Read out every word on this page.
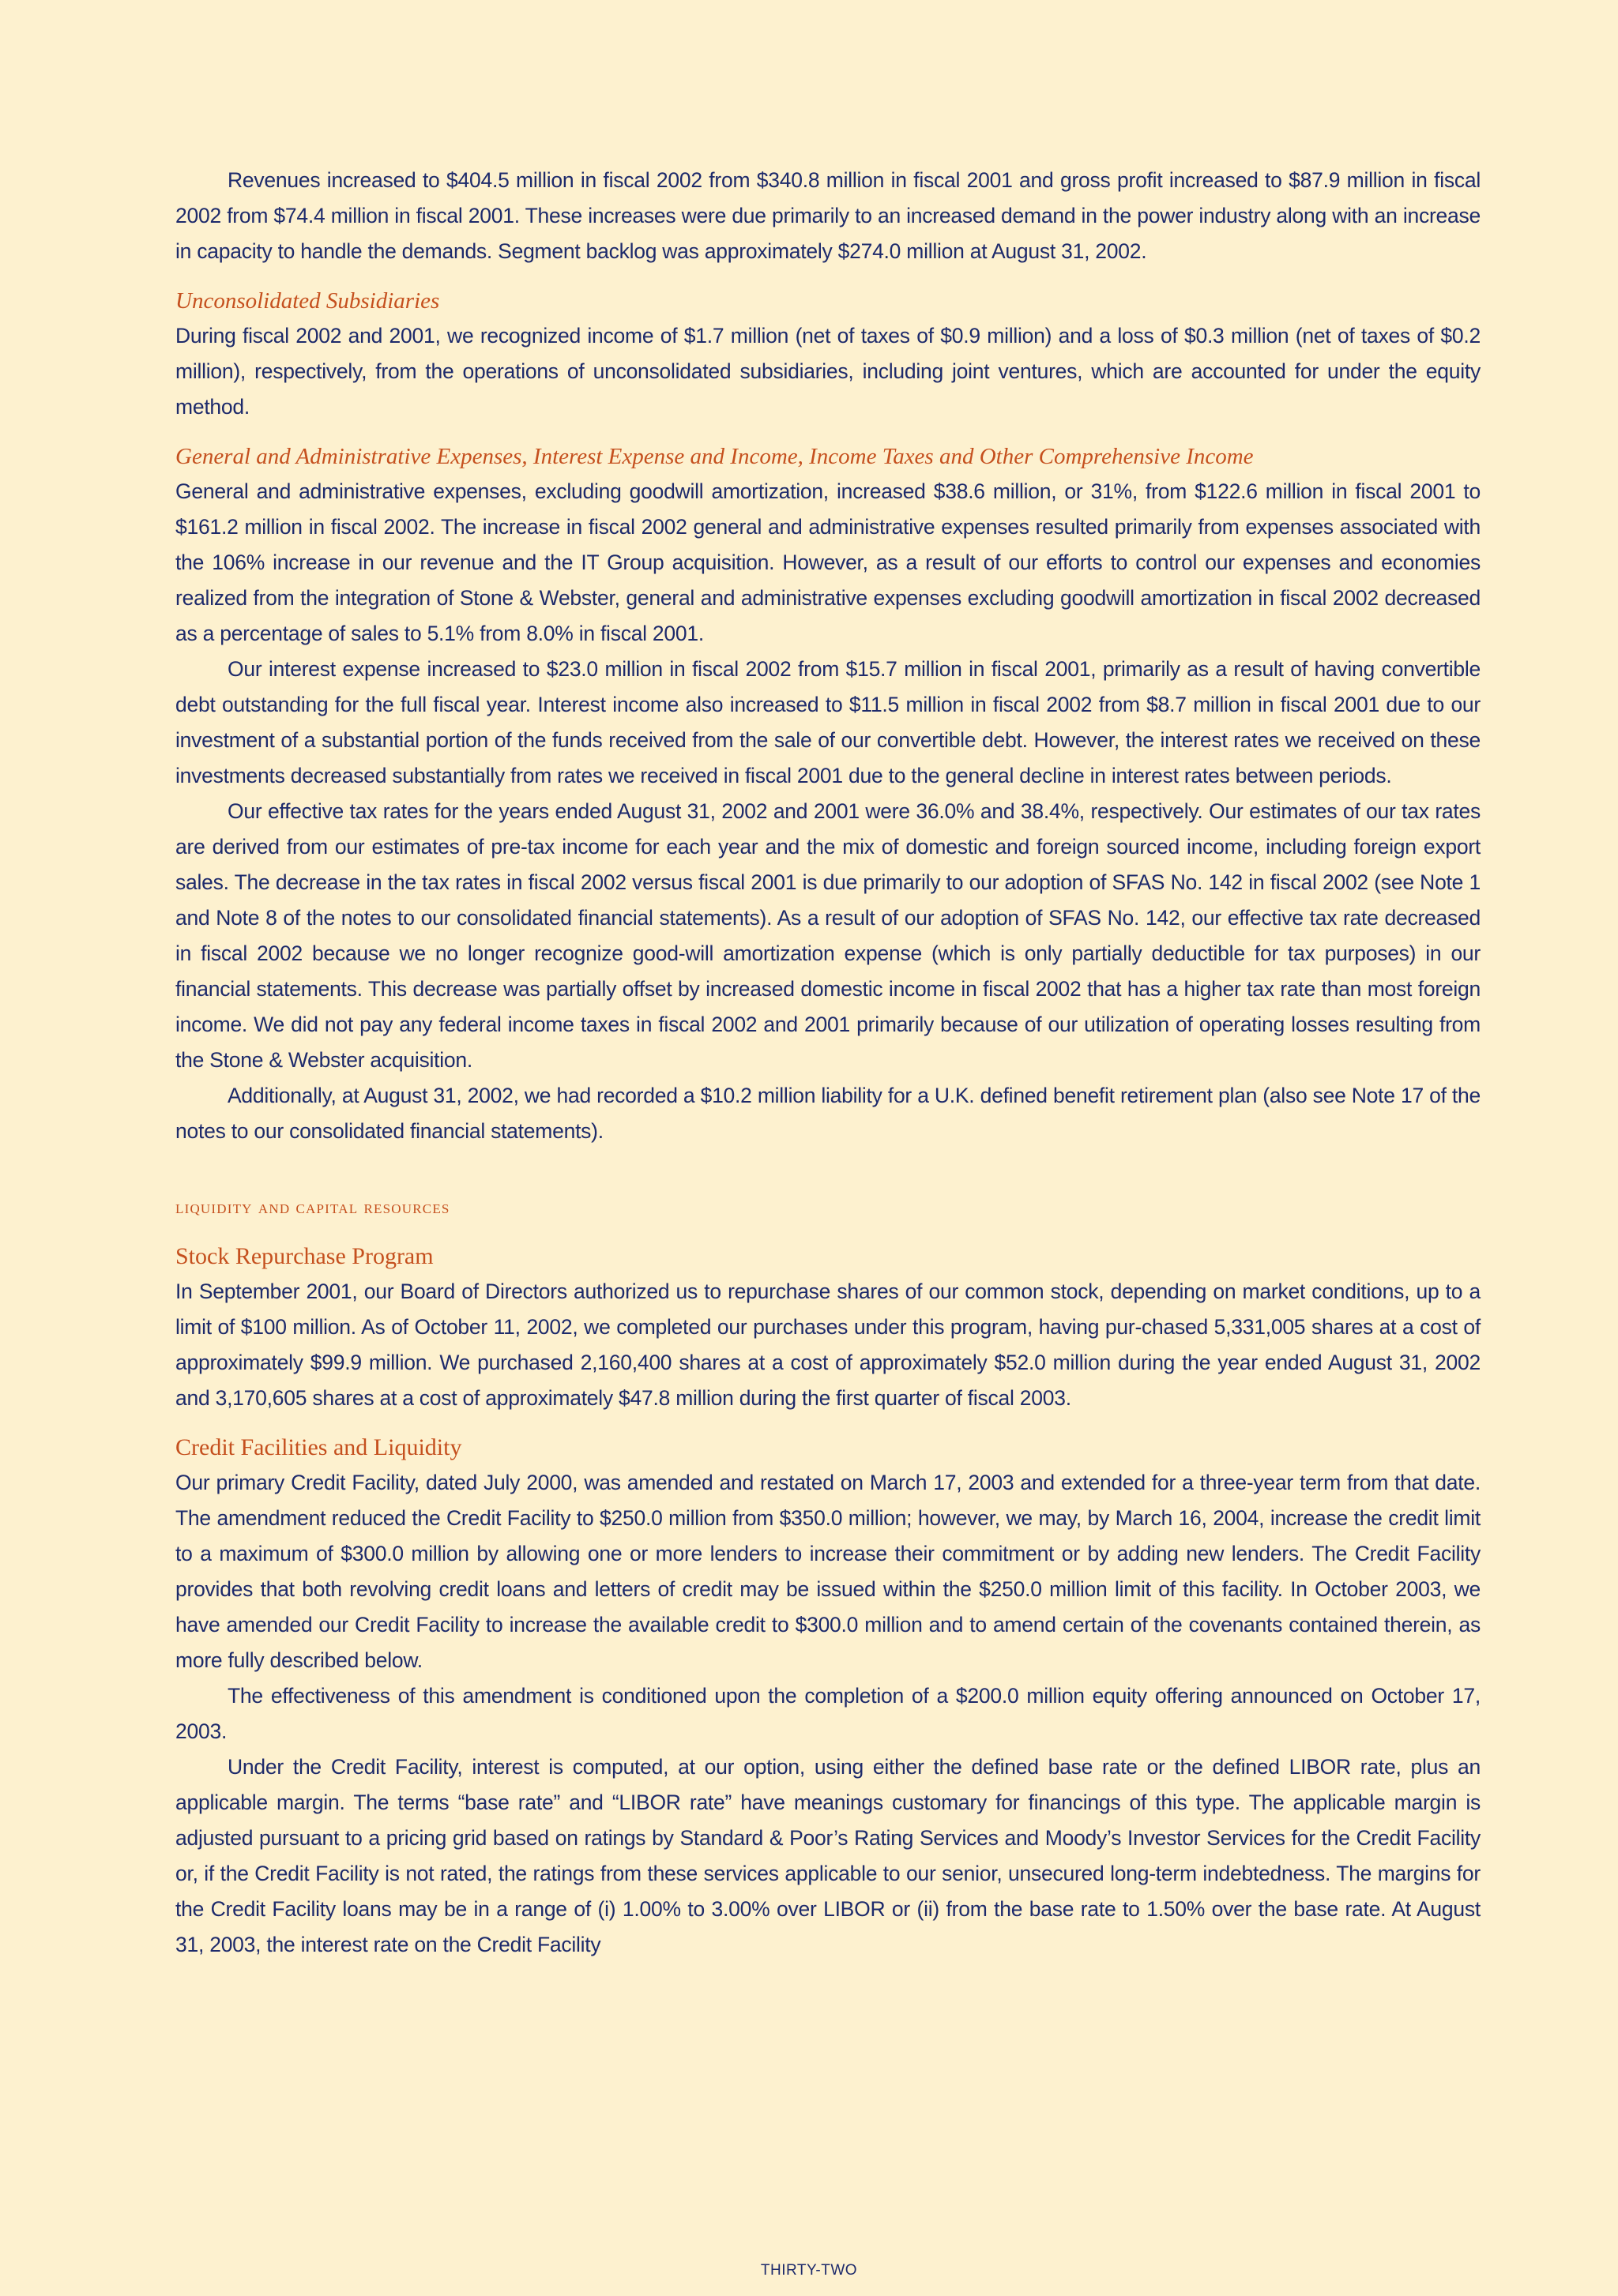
Revenues increased to $404.5 million in fiscal 2002 from $340.8 million in fiscal 2001 and gross profit increased to $87.9 million in fiscal 2002 from $74.4 million in fiscal 2001. These increases were due primarily to an increased demand in the power industry along with an increase in capacity to handle the demands. Segment backlog was approximately $274.0 million at August 31, 2002.

Unconsolidated Subsidiaries

During fiscal 2002 and 2001, we recognized income of $1.7 million (net of taxes of $0.9 million) and a loss of $0.3 million (net of taxes of $0.2 million), respectively, from the operations of unconsolidated subsidiaries, including joint ventures, which are accounted for under the equity method.

General and Administrative Expenses, Interest Expense and Income, Income Taxes and Other Comprehensive Income

General and administrative expenses, excluding goodwill amortization, increased $38.6 million, or 31%, from $122.6 million in fiscal 2001 to $161.2 million in fiscal 2002. The increase in fiscal 2002 general and administrative expenses resulted primarily from expenses associated with the 106% increase in our revenue and the IT Group acquisition. However, as a result of our efforts to control our expenses and economies realized from the integration of Stone & Webster, general and administrative expenses excluding goodwill amortization in fiscal 2002 decreased as a percentage of sales to 5.1% from 8.0% in fiscal 2001.

Our interest expense increased to $23.0 million in fiscal 2002 from $15.7 million in fiscal 2001, primarily as a result of having convertible debt outstanding for the full fiscal year. Interest income also increased to $11.5 million in fiscal 2002 from $8.7 million in fiscal 2001 due to our investment of a substantial portion of the funds received from the sale of our convertible debt. However, the interest rates we received on these investments decreased substantially from rates we received in fiscal 2001 due to the general decline in interest rates between periods.

Our effective tax rates for the years ended August 31, 2002 and 2001 were 36.0% and 38.4%, respectively. Our estimates of our tax rates are derived from our estimates of pre-tax income for each year and the mix of domestic and foreign sourced income, including foreign export sales. The decrease in the tax rates in fiscal 2002 versus fiscal 2001 is due primarily to our adoption of SFAS No. 142 in fiscal 2002 (see Note 1 and Note 8 of the notes to our consolidated financial statements). As a result of our adoption of SFAS No. 142, our effective tax rate decreased in fiscal 2002 because we no longer recognize good-will amortization expense (which is only partially deductible for tax purposes) in our financial statements. This decrease was partially offset by increased domestic income in fiscal 2002 that has a higher tax rate than most foreign income. We did not pay any federal income taxes in fiscal 2002 and 2001 primarily because of our utilization of operating losses resulting from the Stone & Webster acquisition.

Additionally, at August 31, 2002, we had recorded a $10.2 million liability for a U.K. defined benefit retirement plan (also see Note 17 of the notes to our consolidated financial statements).

liquidity and capital resources

Stock Repurchase Program

In September 2001, our Board of Directors authorized us to repurchase shares of our common stock, depending on market conditions, up to a limit of $100 million. As of October 11, 2002, we completed our purchases under this program, having pur-chased 5,331,005 shares at a cost of approximately $99.9 million. We purchased 2,160,400 shares at a cost of approximately $52.0 million during the year ended August 31, 2002 and 3,170,605 shares at a cost of approximately $47.8 million during the first quarter of fiscal 2003.

Credit Facilities and Liquidity

Our primary Credit Facility, dated July 2000, was amended and restated on March 17, 2003 and extended for a three-year term from that date. The amendment reduced the Credit Facility to $250.0 million from $350.0 million; however, we may, by March 16, 2004, increase the credit limit to a maximum of $300.0 million by allowing one or more lenders to increase their commitment or by adding new lenders. The Credit Facility provides that both revolving credit loans and letters of credit may be issued within the $250.0 million limit of this facility. In October 2003, we have amended our Credit Facility to increase the available credit to $300.0 million and to amend certain of the covenants contained therein, as more fully described below.

The effectiveness of this amendment is conditioned upon the completion of a $200.0 million equity offering announced on October 17, 2003.

Under the Credit Facility, interest is computed, at our option, using either the defined base rate or the defined LIBOR rate, plus an applicable margin. The terms “base rate” and “LIBOR rate” have meanings customary for financings of this type. The applicable margin is adjusted pursuant to a pricing grid based on ratings by Standard & Poor’s Rating Services and Moody’s Investor Services for the Credit Facility or, if the Credit Facility is not rated, the ratings from these services applicable to our senior, unsecured long-term indebtedness. The margins for the Credit Facility loans may be in a range of (i) 1.00% to 3.00% over LIBOR or (ii) from the base rate to 1.50% over the base rate. At August 31, 2003, the interest rate on the Credit Facility

THIRTY-TWO
